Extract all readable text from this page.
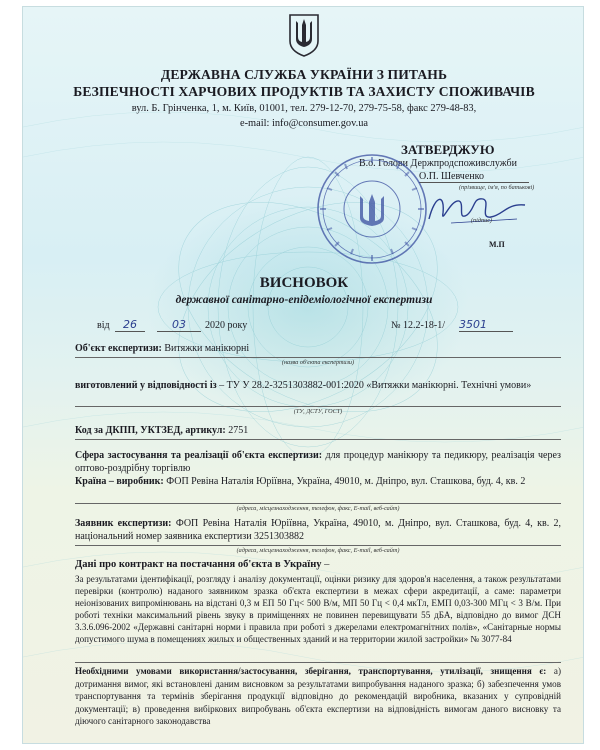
ДЕРЖАВНА СЛУЖБА УКРАЇНИ З ПИТАНЬ
БЕЗПЕЧНОСТІ ХАРЧОВИХ ПРОДУКТІВ ТА ЗАХИСТУ СПОЖИВАЧІВ
вул. Б. Грінченка, 1, м. Київ, 01001, тел. 279-12-70, 279-75-58, факс 279-48-83,
e-mail: info@consumer.gov.ua
ЗАТВЕРДЖУЮ
В.о. Голови Держпродспоживслужби
О.П. Шевченко
(прізвище, ім'я, по батькові)
(підпис)
М.П
ВИСНОВОК
державної санітарно-епідеміологічної експертизи
від	26	03	2020 року	№ 12.2-18-1/ 3501
Об'єкт експертизи: Витяжки манікюрні
(назва об'єкта експертизи)
виготовлений у відповідності із – ТУ У 28.2-3251303882-001:2020 «Витяжки манікюрні. Технічні умови»
(ТУ, ДСТУ, ГОСТ)
Код за ДКПП, УКТЗЕД, артикул: 2751
Сфера застосування та реалізації об'єкта експертизи: для процедур манікюру та педикюру, реалізація через оптово-роздрібну торгівлю
Країна – виробник: ФОП Ревіна Наталія Юріївна, Україна, 49010, м. Дніпро, вул. Сташкова, буд. 4, кв. 2
(адреса, місцезнаходження, телефон, факс, E-mail, веб-сайт)
Заявник експертизи: ФОП Ревіна Наталія Юріївна, Україна, 49010, м. Дніпро, вул. Сташкова, буд. 4, кв. 2, національний номер заявника експертизи 3251303882
(адреса, місцезнаходження, телефон, факс, E-mail, веб-сайт)
Дані про контракт на постачання об'єкта в Україну –
За результатами ідентифікації, розгляду і аналізу документації, оцінки ризику для здоров'я населення, а також результатами перевірки (контролю) наданого заявником зразка об'єкта експертизи в межах сфери акредитації, а саме: параметри неіонізованих випромінювань на відстані 0,3 м ЕП 50 Гц< 500 В/м, МП 50 Гц < 0,4 мкТл, ЕМП 0,03-300 МГц < 3 В/м. При роботі техніки максимальний рівень звуку в приміщеннях не повинен перевищувати 55 дБА, відповідно до вимог ДСН 3.3.6.096-2002 «Державні санітарні норми і правила при роботі з джерелами електромагнітних полів», «Санітарные нормы допустимого шума в помещениях жилых и общественных зданий и на территории жилой застройки» № 3077-84
Необхідними умовами використання/застосування, зберігання, транспортування, утилізації, знищення є: а) дотримання вимог, які встановлені даним висновком за результатами випробування наданого зразка; б) забезпечення умов транспортування та термінів зберігання продукції відповідно до рекомендацій виробника, вказаних у супровідній документації; в) проведення вибіркових випробувань об'єкта експертизи на відповідність вимогам даного висновку та діючого санітарного законодавства
